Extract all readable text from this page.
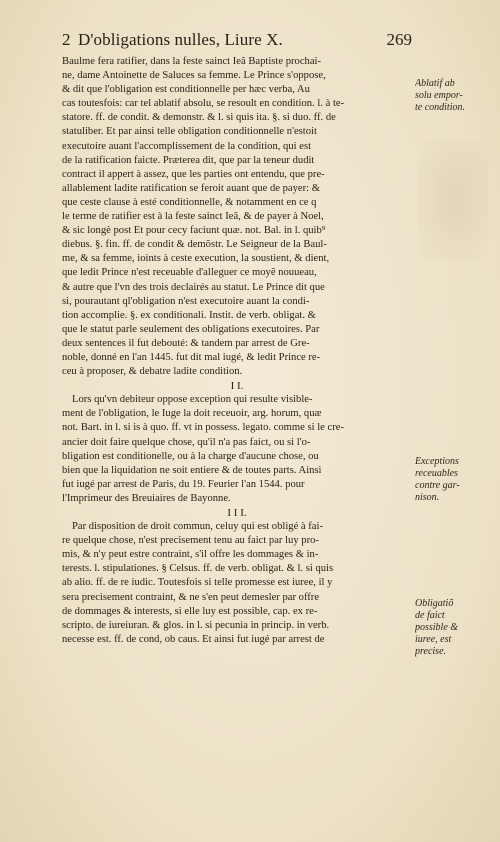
2 D'obligations nulles, Liure X.	269
Baulme fera ratifier, dans la feste sainct Ieã Baptiste prochai-
ne, dame Antoinette de Saluces sa femme. Le Prince s'oppose,
& dit que l'obligation est conditionnelle per hæc verba, Au
cas toutesfois: car tel ablatif absolu, se resoult en condition. l. à te-
statore. ff. de condit. & demonstr. & l. si quis ita. §. si duo. ff. de
statuliber. Et par ainsi telle obligation conditionnelle n'estoit
executoire auant l'accomplissement de la condition, qui est
de la ratification faicte. Præterea dit, que par la teneur dudit
contract il appert à assez, que les parties ont entendu, que pre-
allablement ladite ratification se feroit auant que de payer: &
que ceste clause à esté conditionnelle, & notamment en ce q
le terme de ratifier est à la feste sainct Ieã, & de payer à Noel,
& sic longè post Et pour cecy faciunt quæ. not. Bal. in l. quib⁹
diebus. §. fin. ff. de condit & demõstr. Le Seigneur de la Baul-
me, & sa femme, ioints à ceste execution, la soustient, & dient,
que ledit Prince n'est receuable d'alleguer ce moyẽ nouueau,
& autre que l'vn des trois declairés au statut. Le Prince dit que
si, pourautant ql'obligation n'est executoire auant la condi-
tion accomplie. §. ex conditionali. Instit. de verb. obligat. &
que le statut parle seulement des obligations executoires. Par
deux sentences il fut debouté: & tandem par arrest de Gre-
noble, donné en l'an 1445. fut dit mal iugé, & ledit Prince re-
ceu à proposer, & debatre ladite condition.
I I.
Lors qu'vn debiteur oppose exception qui resulte visible-
ment de l'obligation, le Iuge la doit receuoir, arg. horum, quæ
not. Bart. in l. si is à quo. ff. vt in possess. legato. comme si le cre-
ancier doit faire quelque chose, qu'il n'a pas faict, ou si l'o-
bligation est conditionelle, ou à la charge d'aucune chose, ou
bien que la liquidation ne soit entiere & de toutes parts. Ainsi
fut iugé par arrest de Paris, du 19. Feurier l'an 1544. pour
l'Imprimeur des Breuiaires de Bayonne.
I I I.
Par disposition de droit commun, celuy qui est obligé à fai-
re quelque chose, n'est precisement tenu au faict par luy pro-
mis, & n'y peut estre contraint, s'il offre les dommages & in-
terests. l. stipulationes. § Celsus. ff. de verb. obligat. & l. si quis
ab alio. ff. de re iudic. Toutesfois si telle promesse est iuree, il y
sera precisement contraint, & ne s'en peut demesler par offre
de dommages & interests, si elle luy est possible, cap. ex re-
scripto. de iureiuran. & glos. in l. si pecunia in princip. in verb.
necesse est. ff. de cond, ob caus. Et ainsi fut iugé par arrest de
Ablatif ab
solu empor-
te condition.
Exceptions
receuables
contre gar-
nison.
Obligatiõ
de faict
possible &
iuree, est
precise.
